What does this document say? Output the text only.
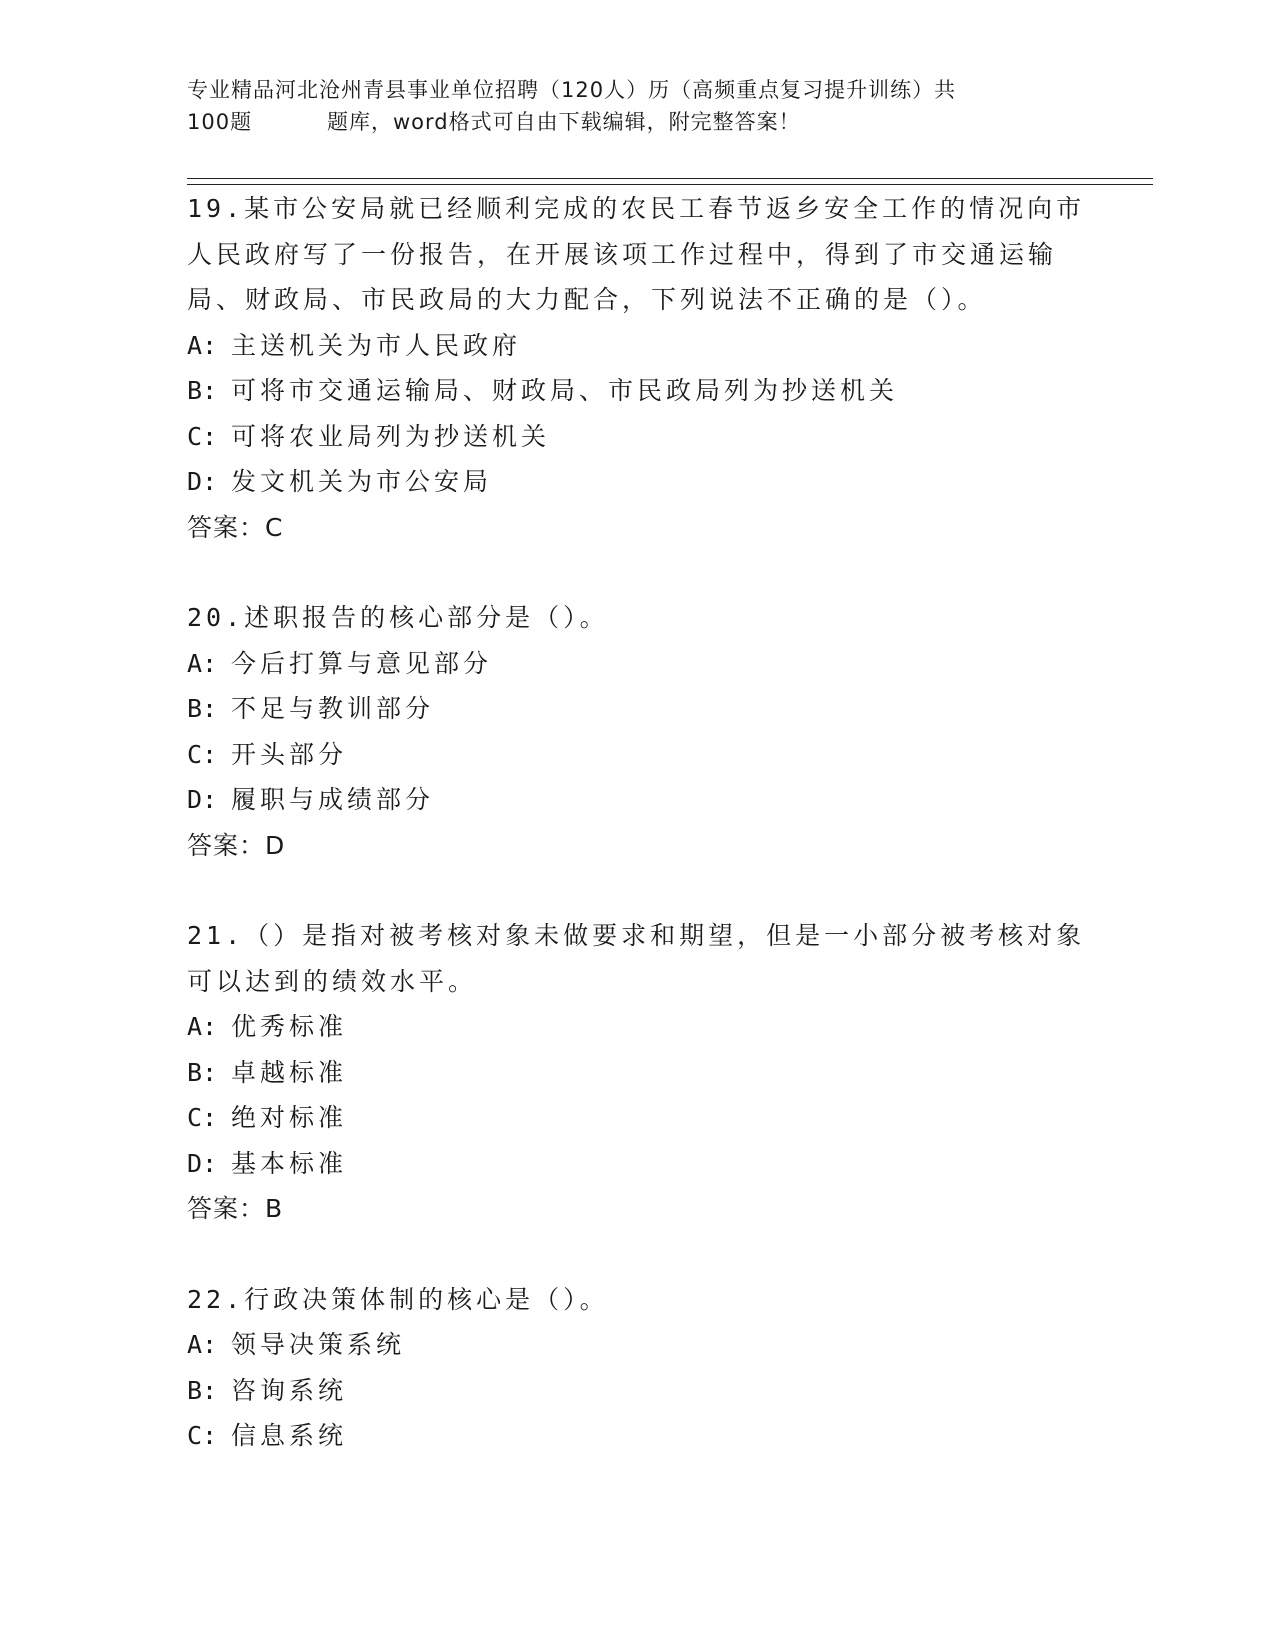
专业精品河北沧州青县事业单位招聘（120人）历（高频重点复习提升训练）共
100题	题库，word格式可自由下载编辑，附完整答案！
19.某市公安局就已经顺利完成的农民工春节返乡安全工作的情况向市
人民政府写了一份报告，在开展该项工作过程中，得到了市交通运输
局、财政局、市民政局的大力配合，下列说法不正确的是（）。
A: 主送机关为市人民政府
B: 可将市交通运输局、财政局、市民政局列为抄送机关
C: 可将农业局列为抄送机关
D: 发文机关为市公安局
答案：C
20.述职报告的核心部分是（）。
A: 今后打算与意见部分
B: 不足与教训部分
C: 开头部分
D: 履职与成绩部分
答案：D
21.（）是指对被考核对象未做要求和期望，但是一小部分被考核对象
可以达到的绩效水平。
A: 优秀标准
B: 卓越标准
C: 绝对标准
D: 基本标准
答案：B
22.行政决策体制的核心是（）。
A: 领导决策系统
B: 咨询系统
C: 信息系统
